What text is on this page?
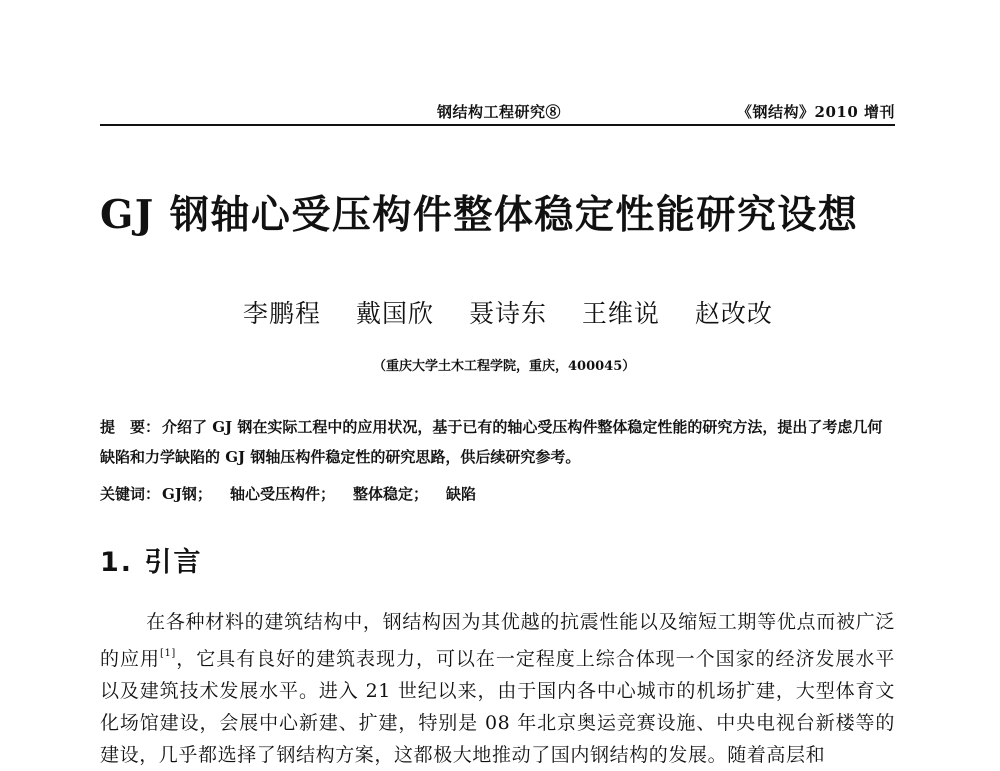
钢结构工程研究⑧	《钢结构》2010 增刊
GJ 钢轴心受压构件整体稳定性能研究设想
李鹏程 戴国欣 聂诗东 王维说 赵改改
（重庆大学土木工程学院，重庆，400045）

提　要： 介绍了 GJ 钢在实际工程中的应用状况，基于已有的轴心受压构件整体稳定性能的研究方法，提出了考虑几何缺陷和力学缺陷的 GJ 钢轴压构件稳定性的研究思路，供后续研究参考。

关键词： GJ钢； 轴心受压构件； 整体稳定； 缺陷
1. 引言

在各种材料的建筑结构中，钢结构因为其优越的抗震性能以及缩短工期等优点而被广泛的应用[1]，它具有良好的建筑表现力，可以在一定程度上综合体现一个国家的经济发展水平以及建筑技术发展水平。进入 21 世纪以来，由于国内各中心城市的机场扩建，大型体育文化场馆建设，会展中心新建、扩建，特别是 08 年北京奥运竞赛设施、中央电视台新楼等的建设，几乎都选择了钢结构方案，这都极大地推动了国内钢结构的发展。随着高层和
